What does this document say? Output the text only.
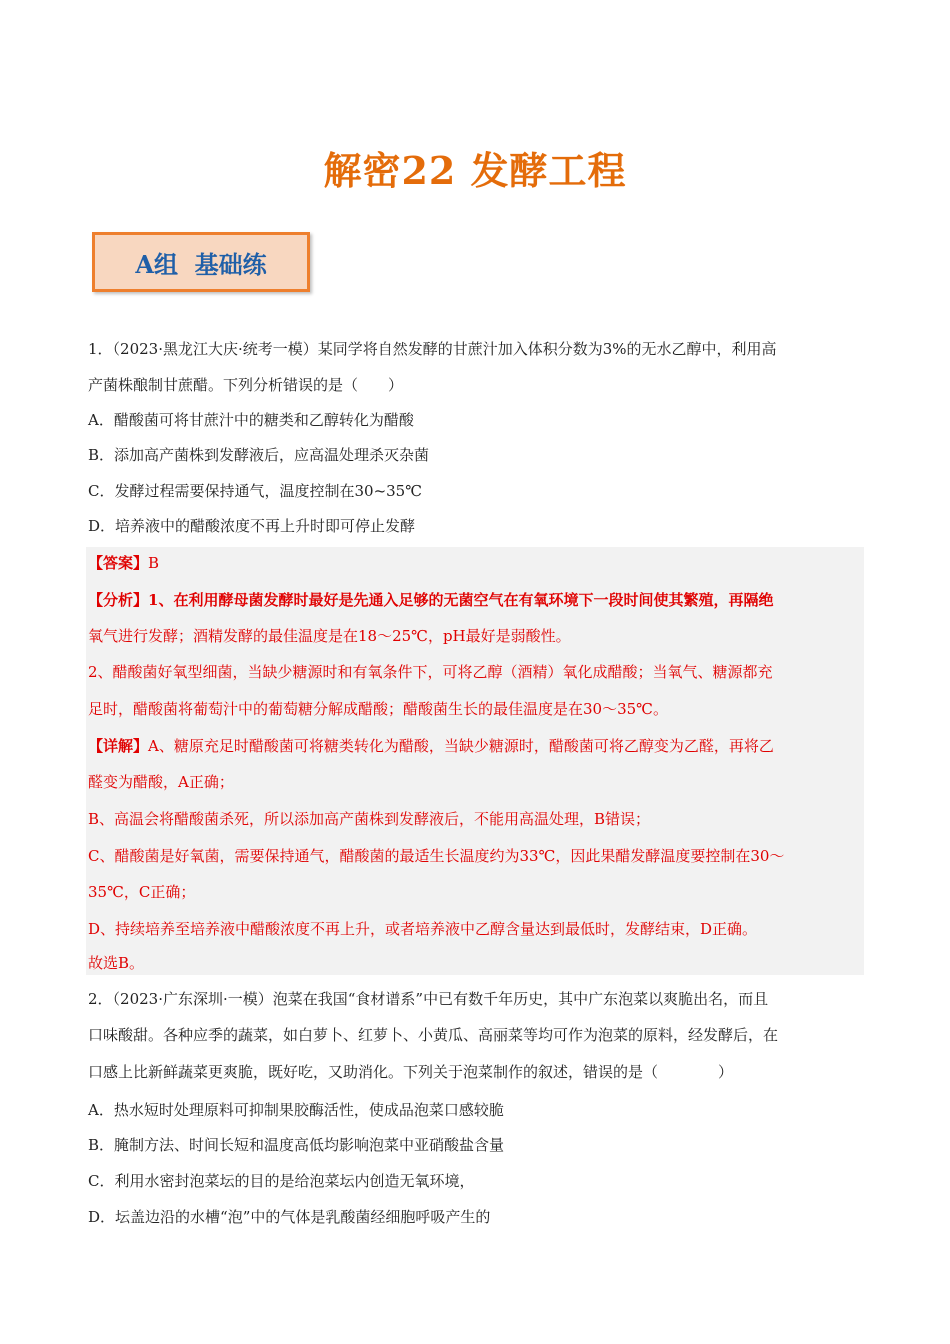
解密22 发酵工程
A组  基础练
1．（2023·黑龙江大庆·统考一模）某同学将自然发酵的甘蔗汁加入体积分数为3%的无水乙醇中，利用高
产菌株酿制甘蔗醋。下列分析错误的是（　　）
A．醋酸菌可将甘蔗汁中的糖类和乙醇转化为醋酸
B．添加高产菌株到发酵液后，应高温处理杀灭杂菌
C．发酵过程需要保持通气，温度控制在30~35℃
D．培养液中的醋酸浓度不再上升时即可停止发酵
【答案】B
【分析】1、在利用酵母菌发酵时最好是先通入足够的无菌空气在有氧环境下一段时间使其繁殖，再隔绝
氧气进行发酵；酒精发酵的最佳温度是在18～25℃，pH最好是弱酸性。
2、醋酸菌好氧型细菌，当缺少糖源时和有氧条件下，可将乙醇（酒精）氧化成醋酸；当氧气、糖源都充
足时，醋酸菌将葡萄汁中的葡萄糖分解成醋酸；醋酸菌生长的最佳温度是在30～35℃。
【详解】A、糖原充足时醋酸菌可将糖类转化为醋酸，当缺少糖源时，醋酸菌可将乙醇变为乙醛，再将乙
醛变为醋酸，A正确；
B、高温会将醋酸菌杀死，所以添加高产菌株到发酵液后，不能用高温处理，B错误；
C、醋酸菌是好氧菌，需要保持通气，醋酸菌的最适生长温度约为33℃，因此果醋发酵温度要控制在30～
35℃，C正确；
D、持续培养至培养液中醋酸浓度不再上升，或者培养液中乙醇含量达到最低时，发酵结束，D正确。
故选B。
2．（2023·广东深圳·一模）泡菜在我国“食材谱系”中已有数千年历史，其中广东泡菜以爽脆出名，而且
口味酸甜。各种应季的蔬菜，如白萝卜、红萝卜、小黄瓜、高丽菜等均可作为泡菜的原料，经发酵后，在
口感上比新鲜蔬菜更爽脆，既好吃，又助消化。下列关于泡菜制作的叙述，错误的是（　　　　）
A．热水短时处理原料可抑制果胶酶活性，使成品泡菜口感较脆
B．腌制方法、时间长短和温度高低均影响泡菜中亚硝酸盐含量
C．利用水密封泡菜坛的目的是给泡菜坛内创造无氧环境，
D．坛盖边沿的水槽“泡”中的气体是乳酸菌经细胞呼吸产生的
